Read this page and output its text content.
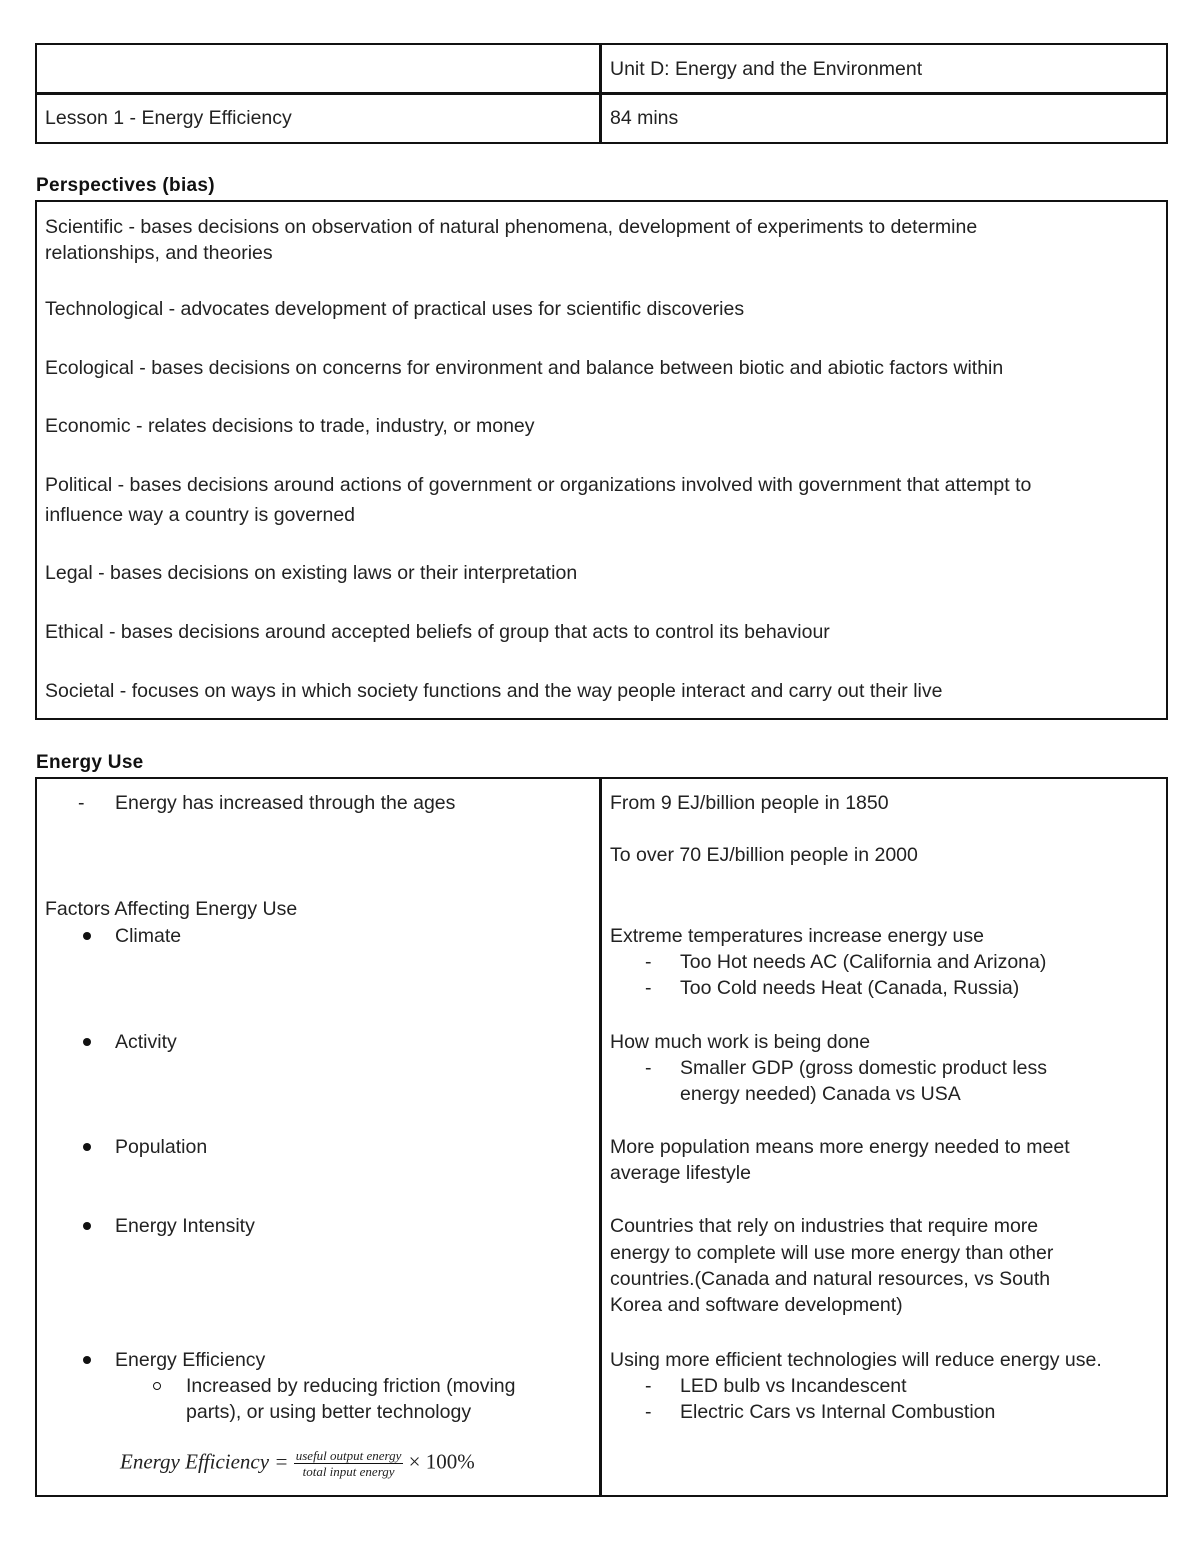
Unit D: Energy and the Environment
Lesson 1 - Energy Efficiency	84 mins
Perspectives (bias)
Scientific - bases decisions on observation of natural phenomena, development of experiments to determine
relationships, and theories
Technological - advocates development of practical uses for scientific discoveries
Ecological - bases decisions on concerns for environment and balance between biotic and abiotic factors within
Economic - relates decisions to trade, industry, or money
Political - bases decisions around actions of government or organizations involved with government that attempt to
influence way a country is governed
Legal - bases decisions on existing laws or their interpretation
Ethical - bases decisions around accepted beliefs of group that acts to control its behaviour
Societal - focuses on ways in which society functions and the way people interact and carry out their live
Energy Use
- Energy has increased through the ages
Factors Affecting Energy Use
Climate
Activity
Population
Energy Intensity
Energy Efficiency
Increased by reducing friction (moving
parts), or using better technology
Energy Efficiency = $\frac{\text{useful output energy}}{\text{total input energy}} \times 100\%$
From 9 EJ/billion people in 1850
To over 70 EJ/billion people in 2000
Extreme temperatures increase energy use
- Too Hot needs AC (California and Arizona)
- Too Cold needs Heat (Canada, Russia)
How much work is being done
- Smaller GDP (gross domestic product less
energy needed) Canada vs USA
More population means more energy needed to meet
average lifestyle
Countries that rely on industries that require more
energy to complete will use more energy than other
countries.(Canada and natural resources, vs South
Korea and software development)
Using more efficient technologies will reduce energy use.
- LED bulb vs Incandescent
- Electric Cars vs Internal Combustion
